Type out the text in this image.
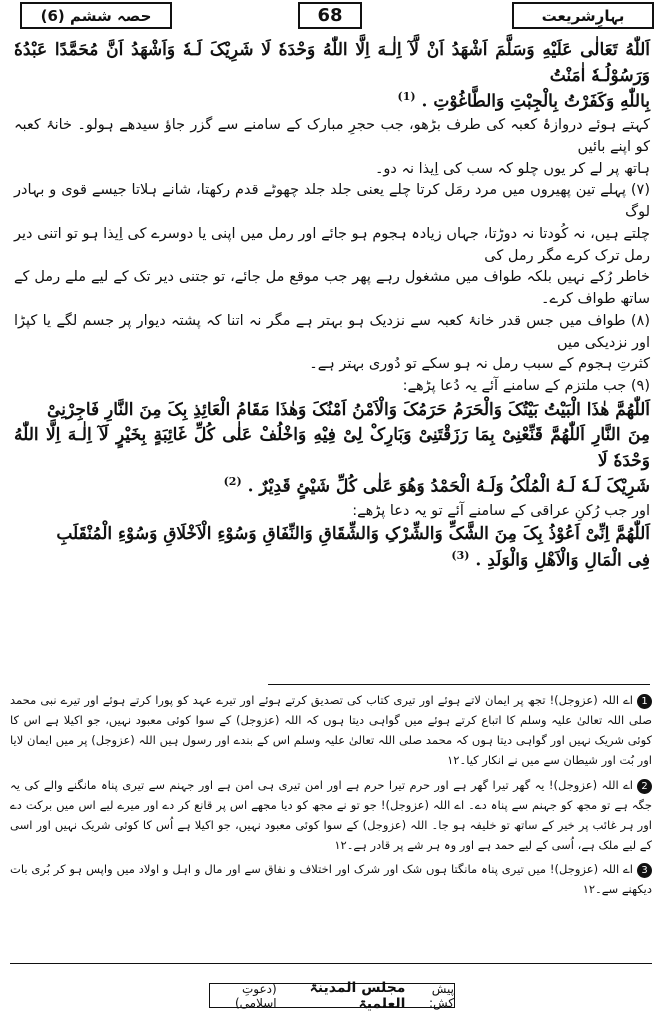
بہارِشریعت
68
حصہ ششم (6)

اَللّٰهُ تَعَالٰی عَلَیْهِ وَسَلَّمَ اَشْهَدُ اَنْ لَّآ اِلٰـهَ اِلَّا اللّٰهُ وَحْدَهٗ لَا شَرِیْکَ لَـهٗ وَاَشْهَدُ اَنَّ مُحَمَّدًا عَبْدُهٗ وَرَسُوْلُـهٗ اٰمَنْتُ

بِاللّٰهِ وَکَفَرْتُ بِالْجِبْتِ وَالطَّاغُوْتِ . $^{(1)}$

کہتے ہوئے دروازۂ کعبہ کی طرف بڑھو، جب حجرِ مبارک کے سامنے سے گزر جاؤ سیدھے ہولو۔ خانۂ کعبہ کو اپنے بائیں

ہاتھ پر لے کر یوں چلو کہ سب کی اِیذا نہ دو۔

(۷) پہلے تین پھیروں میں مرد رمَل کرتا چلے یعنی جلد جلد چھوٹے قدم رکھتا، شانے ہلاتا جیسے قوی و بہادر لوگ

چلتے ہیں، نہ کُودتا نہ دوڑتا، جہاں زیادہ ہجوم ہو جائے اور رمل میں اپنی یا دوسرے کی اِیذا ہو تو اتنی دیر رمل ترک کرے مگر رمل کی

خاطر رُکے نہیں بلکہ طواف میں مشغول رہے پھر جب موقع مل جائے، تو جتنی دیر تک کے لیے ملے رمل کے ساتھ طواف کرے۔

(۸) طواف میں جس قدر خانۂ کعبہ سے نزدیک ہو بہتر ہے مگر نہ اتنا کہ پشتہ دیوار پر جسم لگے یا کپڑا اور نزدیکی میں

کثرتِ ہجوم کے سبب رمل نہ ہو سکے تو دُوری بہتر ہے۔

(۹) جب ملتزم کے سامنے آئے یہ دُعا پڑھے:

اَللّٰهُمَّ هٰذَا الْبَیْتُ بَیْتُکَ وَالْحَرَمُ حَرَمُکَ وَالْاَمْنُ اَمْنُکَ وَهٰذَا مَقَامُ الْعَائِذِ بِکَ مِنَ النَّارِ فَاجِرْنِیْ

مِنَ النَّارِ اَللّٰهُمَّ قَنِّعْنِیْ بِمَا رَزَقْتَنِیْ وَبَارِکْ لِیْ فِیْهِ وَاخْلُفْ عَلٰی کُلِّ غَائِبَةٍ بِخَیْرٍ لَآ اِلٰـهَ اِلَّا اللّٰهُ وَحْدَهٗ لَا

شَرِیْکَ لَـهٗ لَـهُ الْمُلْکُ وَلَـهُ الْحَمْدُ وَهُوَ عَلٰی کُلِّ شَیْئٍ قَدِیْرٌ . $^{(2)}$

اور جب رُکنِ عراقی کے سامنے آئے تو یہ دعا پڑھے:

اَللّٰهُمَّ اِنِّیْ اَعُوْذُ بِکَ مِنَ الشَّکِّ وَالشِّرْکِ وَالشِّقَاقِ وَالنِّفَاقِ وَسُوْءِ الْاَخْلَاقِ وَسُوْءِ الْمُنْقَلَبِ

فِی الْمَالِ وَالْاَهْلِ وَالْوَلَدِ . $^{(3)}$

1اے اللہ (عزوجل)! تجھ پر ایمان لاتے ہوئے اور تیری کتاب کی تصدیق کرتے ہوئے اور تیرے عہد کو پورا کرتے ہوئے اور تیرے نبی محمد صلی اللہ تعالیٰ علیہ وسلم کا اتباع کرتے ہوئے میں گواہی دیتا ہوں کہ اللہ (عزوجل) کے سوا کوئی معبود نہیں، جو اکیلا ہے اس کا کوئی شریک نہیں اور گواہی دیتا ہوں کہ محمد صلی اللہ تعالیٰ علیہ وسلم اس کے بندے اور رسول ہیں اللہ (عزوجل) پر میں ایمان لایا اور بُت اور شیطان سے میں نے انکار کیا۔۱۲

2اے اللہ (عزوجل)! یہ گھر تیرا گھر ہے اور حرم تیرا حرم ہے اور امن تیری ہی امن ہے اور جہنم سے تیری پناہ مانگنے والے کی یہ جگہ ہے تو مجھ کو جہنم سے پناہ دے۔ اے اللہ (عزوجل)! جو تو نے مجھ کو دیا مجھے اس پر قانع کر دے اور میرے لیے اس میں برکت دے اور ہر غائب پر خیر کے ساتھ تو خلیفہ ہو جا۔ اللہ (عزوجل) کے سوا کوئی معبود نہیں، جو اکیلا ہے اُس کا کوئی شریک نہیں اور اسی کے لیے ملک ہے، اُسی کے لیے حمد ہے اور وہ ہر شے پر قادر ہے۔۱۲

3اے اللہ (عزوجل)! میں تیری پناہ مانگتا ہوں شک اور شرک اور اختلاف و نفاق سے اور مال و اہل و اولاد میں واپس ہو کر بُری بات دیکھنے سے۔۱۲

پیش کش:
مجلس المدینۃ العلمیۃ
(دعوتِ اسلامی)
